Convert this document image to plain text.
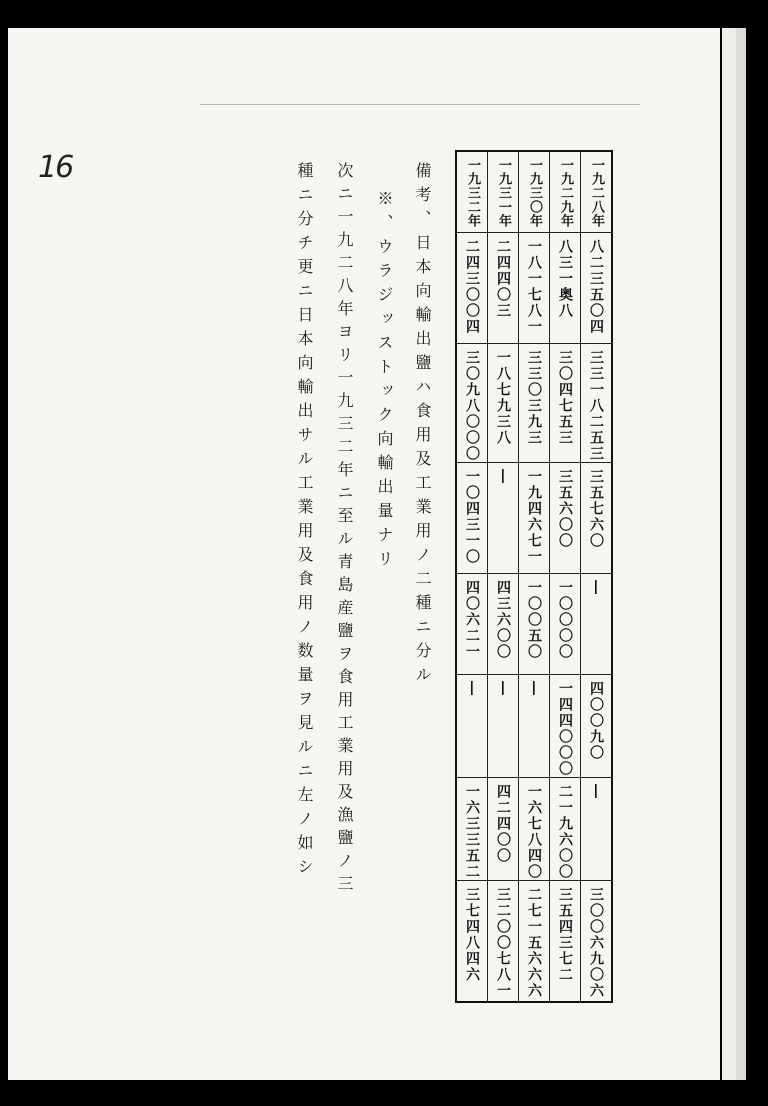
16	一九三二年	一九三一年	一九三〇年	一九二九年	一九二八年

二四三〇〇四	二四四〇三	一八一七八一	八三一奥八	八二三五〇四

三〇九八〇〇〇	一八七九三八	三三〇三九三	三〇四七五三	三三一八二五三

一〇四三一〇	―	一九四六七一	三五六〇〇	三五七六〇

四〇六二一	四三六〇〇	一〇〇五〇	一〇〇〇〇	―

―	―	―	一四四〇〇〇	四〇〇九〇

一六三三五二	四二四〇〇	一六七八四〇	二一九六〇〇	―

三七四八四六	三二〇〇七八一	二七一五六六六	三五四三七二	三〇〇六九〇六
備考、日本向輸出鹽ハ食用及工業用ノ二種ニ分ル
※、ウラジッストック向輸出量ナリ
次ニ一九二八年ヨリ一九三二年ニ至ル青島産鹽ヲ食用工業用及漁鹽ノ三
種ニ分チ更ニ日本向輸出サル工業用及食用ノ数量ヲ見ルニ左ノ如シ
